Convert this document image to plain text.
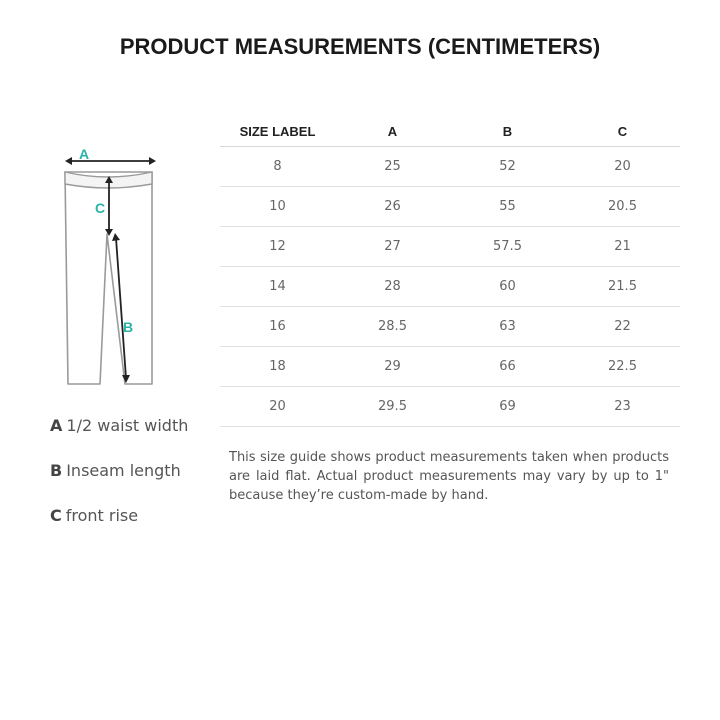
PRODUCT MEASUREMENTS (CENTIMETERS)
A
C
B
A 1/2 waist width
B Inseam length
C front rise
SIZE LABEL	A	B	C
8	25	52	20
10	26	55	20.5
12	27	57.5	21
14	28	60	21.5
16	28.5	63	22
18	29	66	22.5
20	29.5	69	23
This size guide shows product measurements taken when products are laid flat. Actual product measurements may vary by up to 1" because they’re custom-made by hand.
